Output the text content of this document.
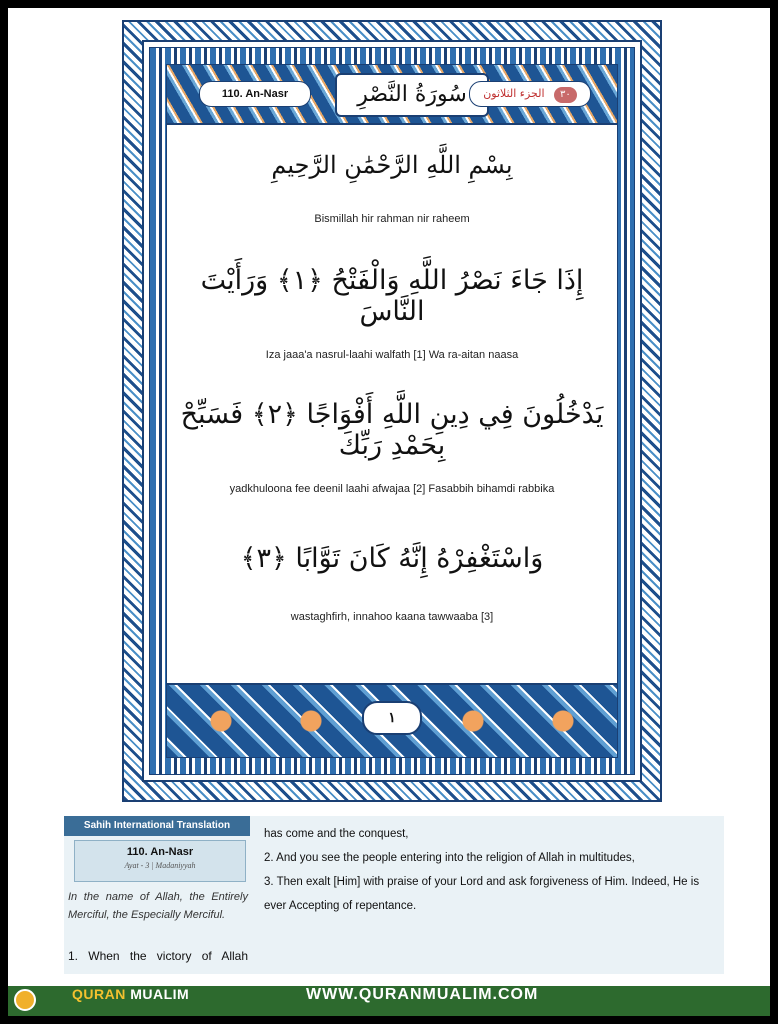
110. An-Nasr	سُورَةُ النَّصْرِ	٣٠ الجزء الثلاثون
بِسْمِ اللَّهِ الرَّحْمَٰنِ الرَّحِيمِ
Bismillah hir rahman nir raheem
إِذَا جَاءَ نَصْرُ اللَّهِ وَالْفَتْحُ ﴿١﴾ وَرَأَيْتَ النَّاسَ
Iza jaaa'a nasrul-laahi walfath [1] Wa ra-aitan naasa
يَدْخُلُونَ فِي دِينِ اللَّهِ أَفْوَاجًا ﴿٢﴾ فَسَبِّحْ بِحَمْدِ رَبِّكَ
yadkhuloona fee deenil laahi afwajaa [2] Fasabbih bihamdi rabbika
وَاسْتَغْفِرْهُ إِنَّهُ كَانَ تَوَّابًا ﴿٣﴾
wastaghfirh, innahoo kaana tawwaaba [3]
١
Sahih International Translation
110. An-Nasr
Ayat - 3 | Madaniyyah
In the name of Allah, the Entirely Merciful, the Especially Merciful.
1. When the victory of Allah

has come and the conquest,

2. And you see the people entering into the religion of Allah in multitudes,

3. Then exalt [Him] with praise of your Lord and ask forgiveness of Him. Indeed, He is ever Accepting of repentance.

QURAN MUALIM	WWW.QURANMUALIM.COM
